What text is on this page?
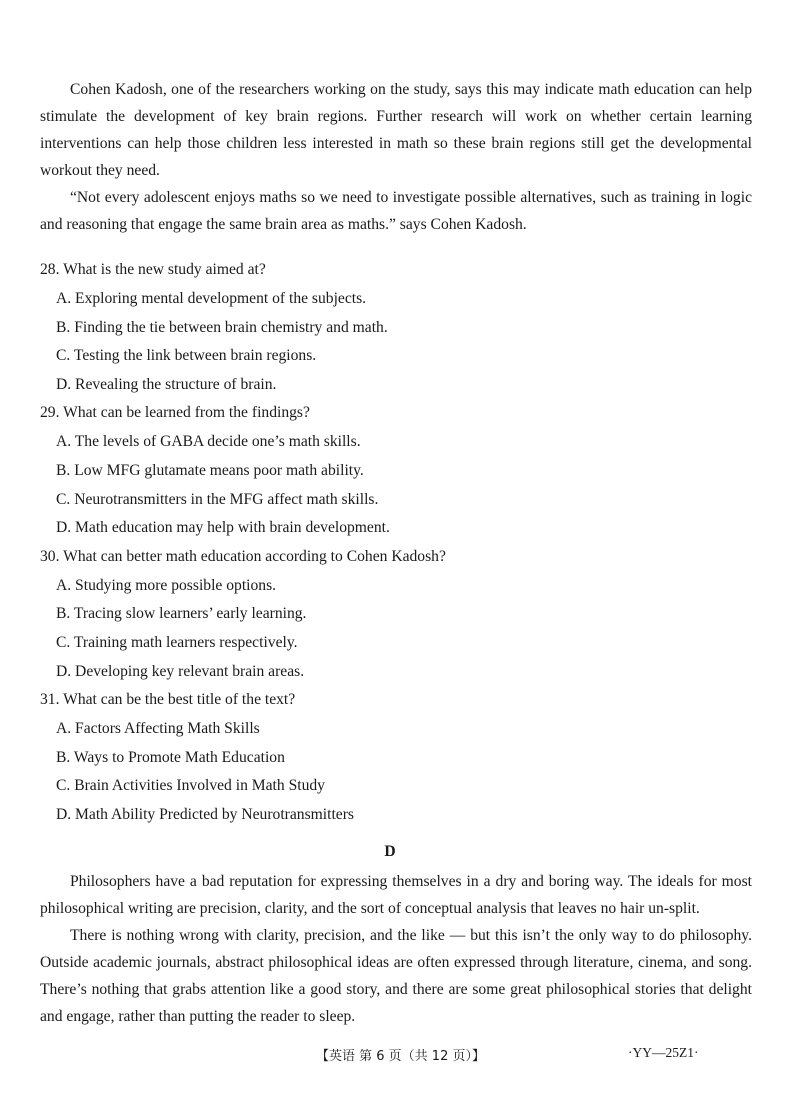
Cohen Kadosh, one of the researchers working on the study, says this may indicate math education can help stimulate the development of key brain regions. Further research will work on whether certain learning interventions can help those children less interested in math so these brain regions still get the developmental workout they need.

“Not every adolescent enjoys maths so we need to investigate possible alternatives, such as training in logic and reasoning that engage the same brain area as maths.” says Cohen Kadosh.

28. What is the new study aimed at?

A. Exploring mental development of the subjects.

B. Finding the tie between brain chemistry and math.

C. Testing the link between brain regions.

D. Revealing the structure of brain.

29. What can be learned from the findings?

A. The levels of GABA decide one’s math skills.

B. Low MFG glutamate means poor math ability.

C. Neurotransmitters in the MFG affect math skills.

D. Math education may help with brain development.

30. What can better math education according to Cohen Kadosh?

A. Studying more possible options.

B. Tracing slow learners’ early learning.

C. Training math learners respectively.

D. Developing key relevant brain areas.

31. What can be the best title of the text?

A. Factors Affecting Math Skills

B. Ways to Promote Math Education

C. Brain Activities Involved in Math Study

D. Math Ability Predicted by Neurotransmitters

D

Philosophers have a bad reputation for expressing themselves in a dry and boring way. The ideals for most philosophical writing are precision, clarity, and the sort of conceptual analysis that leaves no hair un-split.

There is nothing wrong with clarity, precision, and the like — but this isn’t the only way to do philosophy. Outside academic journals, abstract philosophical ideas are often expressed through literature, cinema, and song. There’s nothing that grabs attention like a good story, and there are some great philosophical stories that delight and engage, rather than putting the reader to sleep.

【英语 第 6 页（共 12 页）】	·YY—25Z1·
